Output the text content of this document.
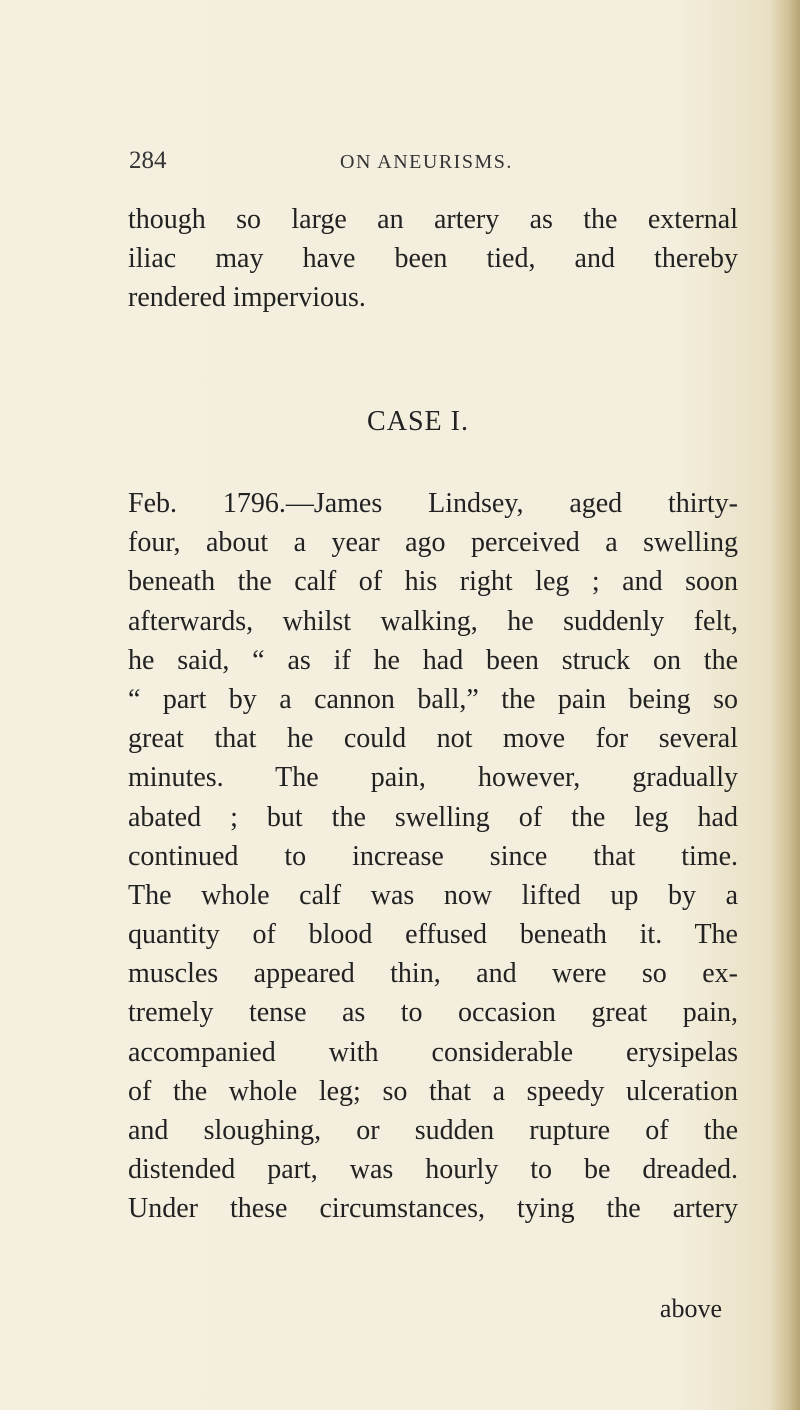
284	ON ANEURISMS.
though so large an artery as the external
iliac may have been tied, and thereby
rendered impervious.
CASE I.
Feb. 1796.—James Lindsey, aged thirty-
four, about a year ago perceived a swelling
beneath the calf of his right leg ; and soon
afterwards, whilst walking, he suddenly felt,
he said, “ as if he had been struck on the
“ part by a cannon ball,” the pain being so
great that he could not move for several
minutes. The pain, however, gradually
abated ; but the swelling of the leg had
continued to increase since that time.
The whole calf was now lifted up by a
quantity of blood effused beneath it. The
muscles appeared thin, and were so ex-
tremely tense as to occasion great pain,
accompanied with considerable erysipelas
of the whole leg; so that a speedy ulceration
and sloughing, or sudden rupture of the
distended part, was hourly to be dreaded.
Under these circumstances, tying the artery
above
